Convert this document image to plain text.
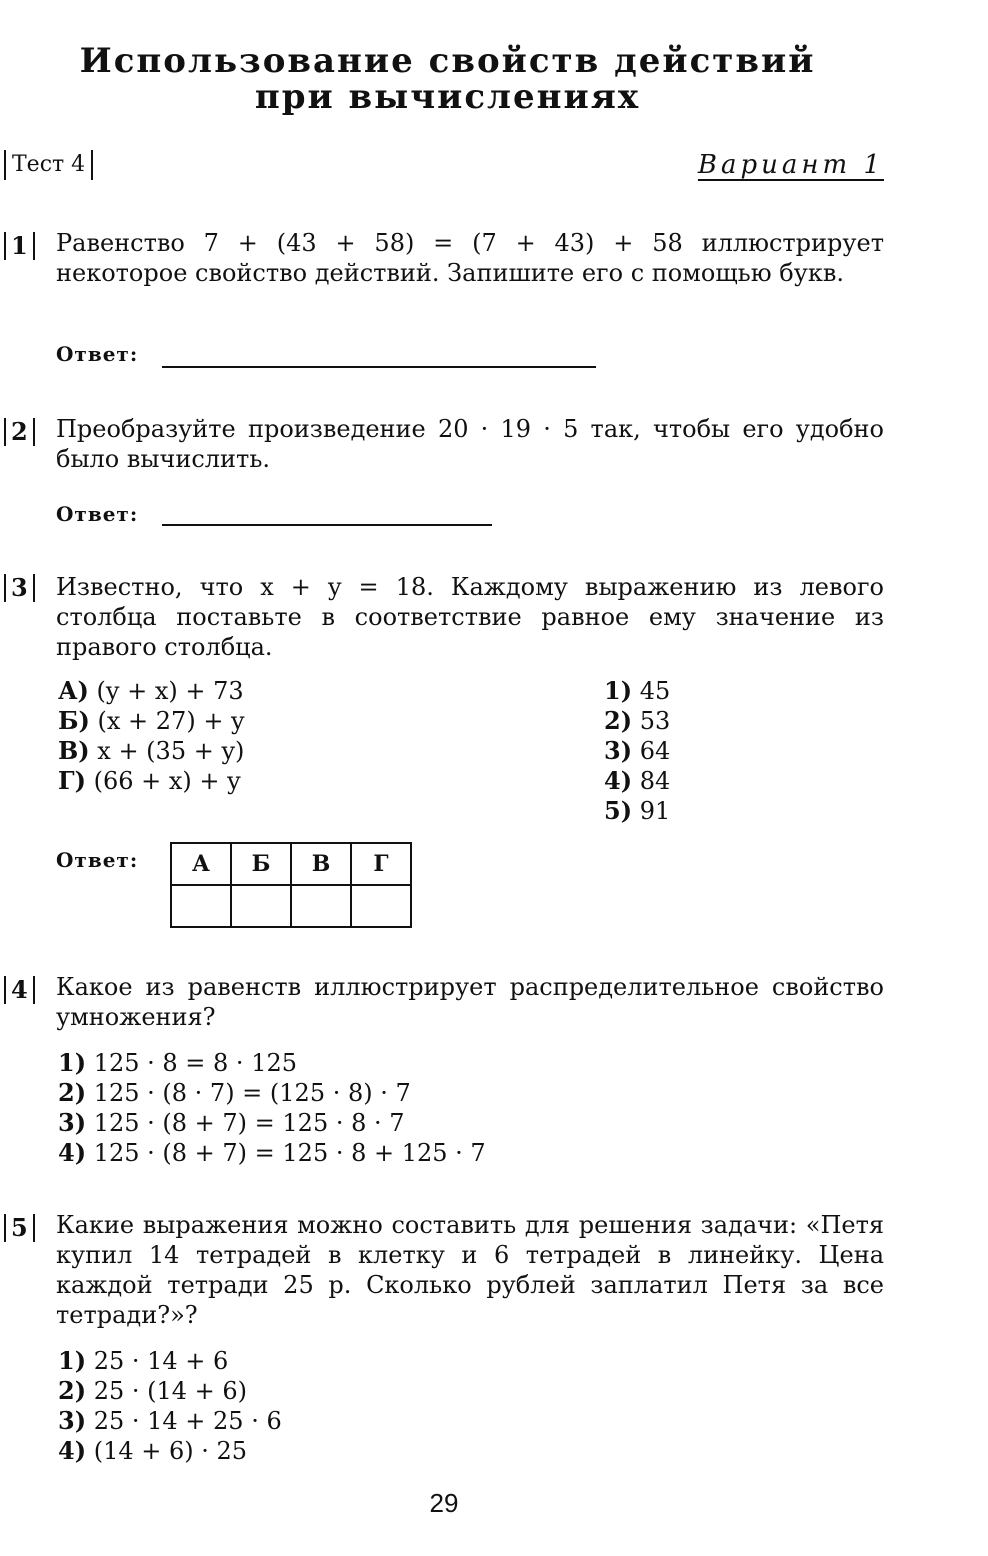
Использование свойств действий
при вычислениях
Тест 4	Вариант 1
1 Равенство 7 + (43 + 58) = (7 + 43) + 58 иллюстрирует некоторое свойство действий. Запишите его с помощью букв.
Ответ:
2 Преобразуйте произведение 20 · 19 · 5 так, чтобы его удобно было вычислить.
Ответ:
3 Известно, что x + y = 18. Каждому выражению из левого столбца поставьте в соответствие равное ему значение из правого столбца.
А) (y + x) + 73
Б) (x + 27) + y
В) x + (35 + y)
Г) (66 + x) + y
1) 45
2) 53
3) 64
4) 84
5) 91
Ответ: А	Б	В	Г

4 Какое из равенств иллюстрирует распределительное свойство умножения?
1) 125 · 8 = 8 · 125
2) 125 · (8 · 7) = (125 · 8) · 7
3) 125 · (8 + 7) = 125 · 8 · 7
4) 125 · (8 + 7) = 125 · 8 + 125 · 7
5 Какие выражения можно составить для решения задачи: «Петя купил 14 тетрадей в клетку и 6 тетрадей в линейку. Цена каждой тетради 25 р. Сколько рублей заплатил Петя за все тетради?»?
1) 25 · 14 + 6
2) 25 · (14 + 6)
3) 25 · 14 + 25 · 6
4) (14 + 6) · 25
29
